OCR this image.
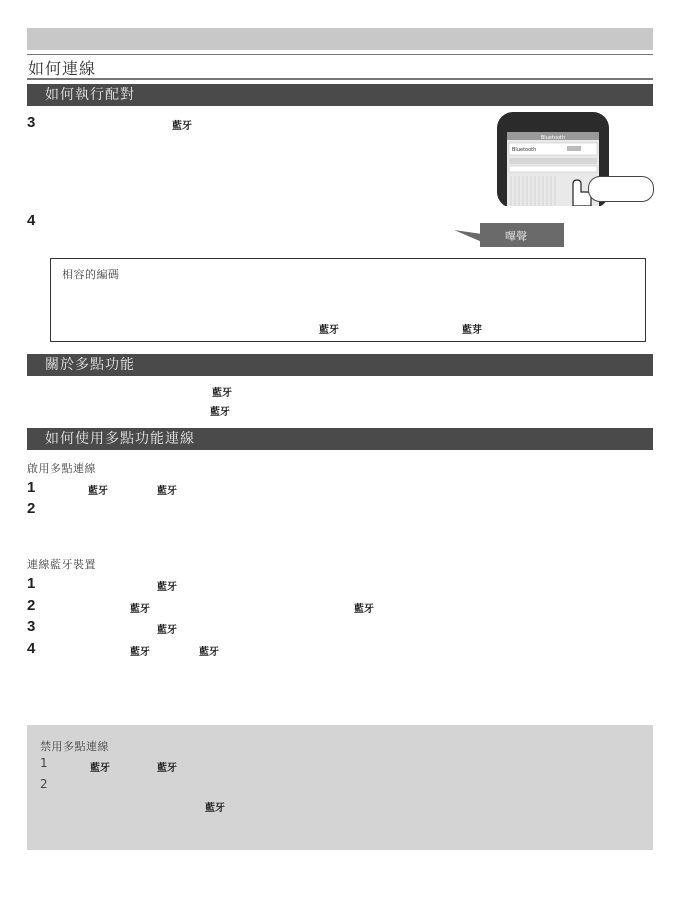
如何連線
如何執行配對
3	藍牙
Bluetooth
Bluetooth
4
嗶聲
相容的編碼
藍牙	藍芽
關於多點功能
藍牙
藍牙
如何使用多點功能連線
啟用多點連線
1	藍牙	藍牙
2
連線藍牙裝置
1	藍牙
2	藍牙	藍牙
3	藍牙
4	藍牙	藍牙
禁用多點連線
1	藍牙	藍牙
2
藍牙
